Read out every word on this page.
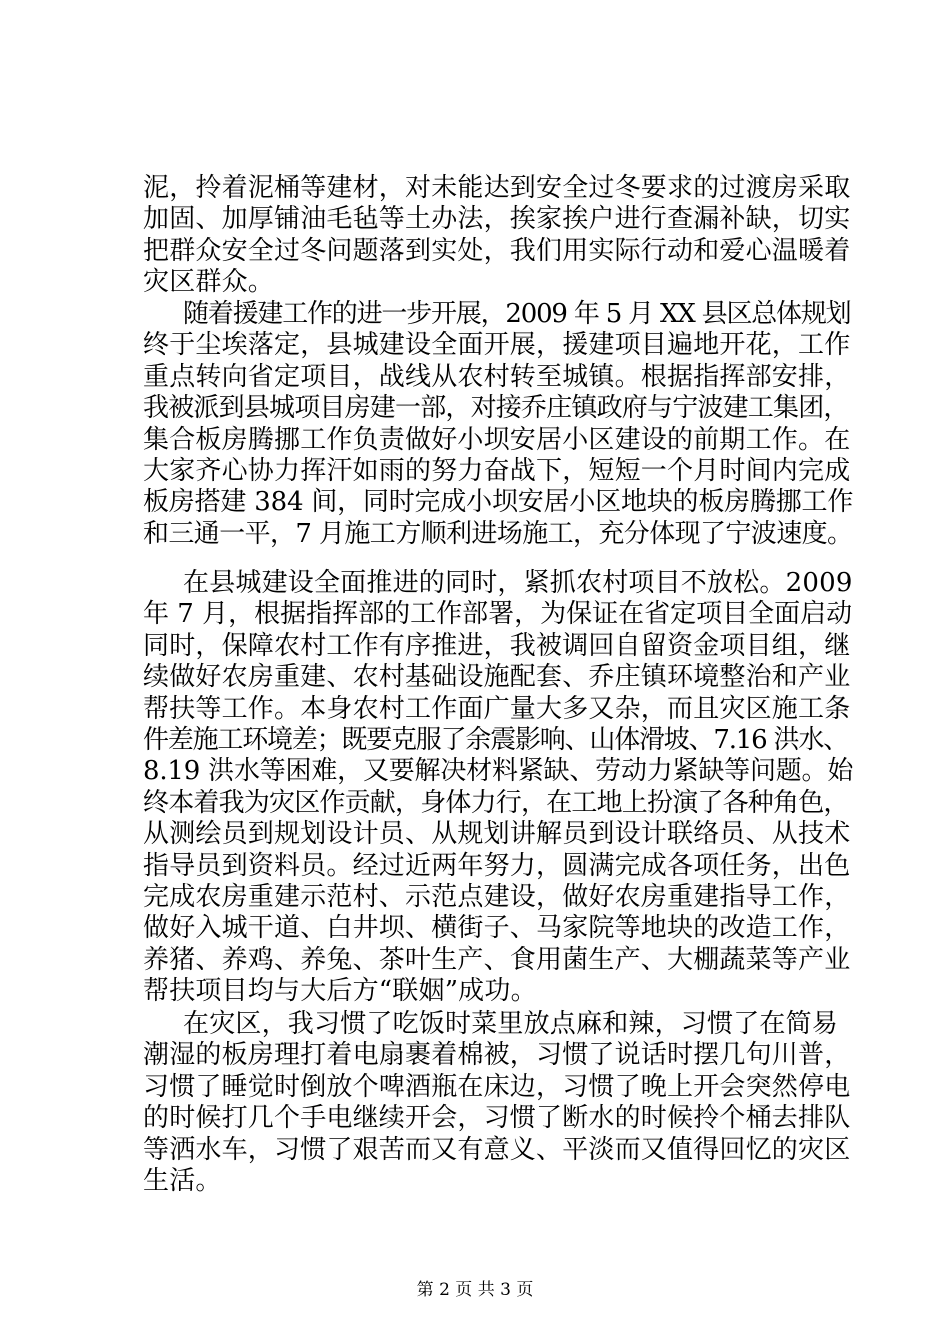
泥，拎着泥桶等建材，对未能达到安全过冬要求的过渡房采取
加固、加厚铺油毛毡等土办法，挨家挨户进行查漏补缺，切实
把群众安全过冬问题落到实处，我们用实际行动和爱心温暖着
灾区群众。

随着援建工作的进一步开展，2009 年 5 月 XX 县区总体规划
终于尘埃落定，县城建设全面开展，援建项目遍地开花，工作
重点转向省定项目，战线从农村转至城镇。根据指挥部安排，
我被派到县城项目房建一部，对接乔庄镇政府与宁波建工集团，
集合板房腾挪工作负责做好小坝安居小区建设的前期工作。在
大家齐心协力挥汗如雨的努力奋战下，短短一个月时间内完成
板房搭建 384 间，同时完成小坝安居小区地块的板房腾挪工作
和三通一平，7 月施工方顺利进场施工，充分体现了宁波速度。

在县城建设全面推进的同时，紧抓农村项目不放松。2009
年 7 月，根据指挥部的工作部署，为保证在省定项目全面启动
同时，保障农村工作有序推进，我被调回自留资金项目组，继
续做好农房重建、农村基础设施配套、乔庄镇环境整治和产业
帮扶等工作。本身农村工作面广量大多又杂，而且灾区施工条
件差施工环境差；既要克服了余震影响、山体滑坡、7.16 洪水、
8.19 洪水等困难，又要解决材料紧缺、劳动力紧缺等问题。始
终本着我为灾区作贡献，身体力行，在工地上扮演了各种角色，
从测绘员到规划设计员、从规划讲解员到设计联络员、从技术
指导员到资料员。经过近两年努力，圆满完成各项任务，出色
完成农房重建示范村、示范点建设，做好农房重建指导工作，
做好入城干道、白井坝、横街子、马家院等地块的改造工作，
养猪、养鸡、养兔、茶叶生产、食用菌生产、大棚蔬菜等产业
帮扶项目均与大后方“联姻”成功。

在灾区，我习惯了吃饭时菜里放点麻和辣，习惯了在简易
潮湿的板房理打着电扇裹着棉被，习惯了说话时摆几句川普，
习惯了睡觉时倒放个啤酒瓶在床边，习惯了晚上开会突然停电
的时候打几个手电继续开会，习惯了断水的时候拎个桶去排队
等洒水车，习惯了艰苦而又有意义、平淡而又值得回忆的灾区
生活。

第 2 页 共 3 页
